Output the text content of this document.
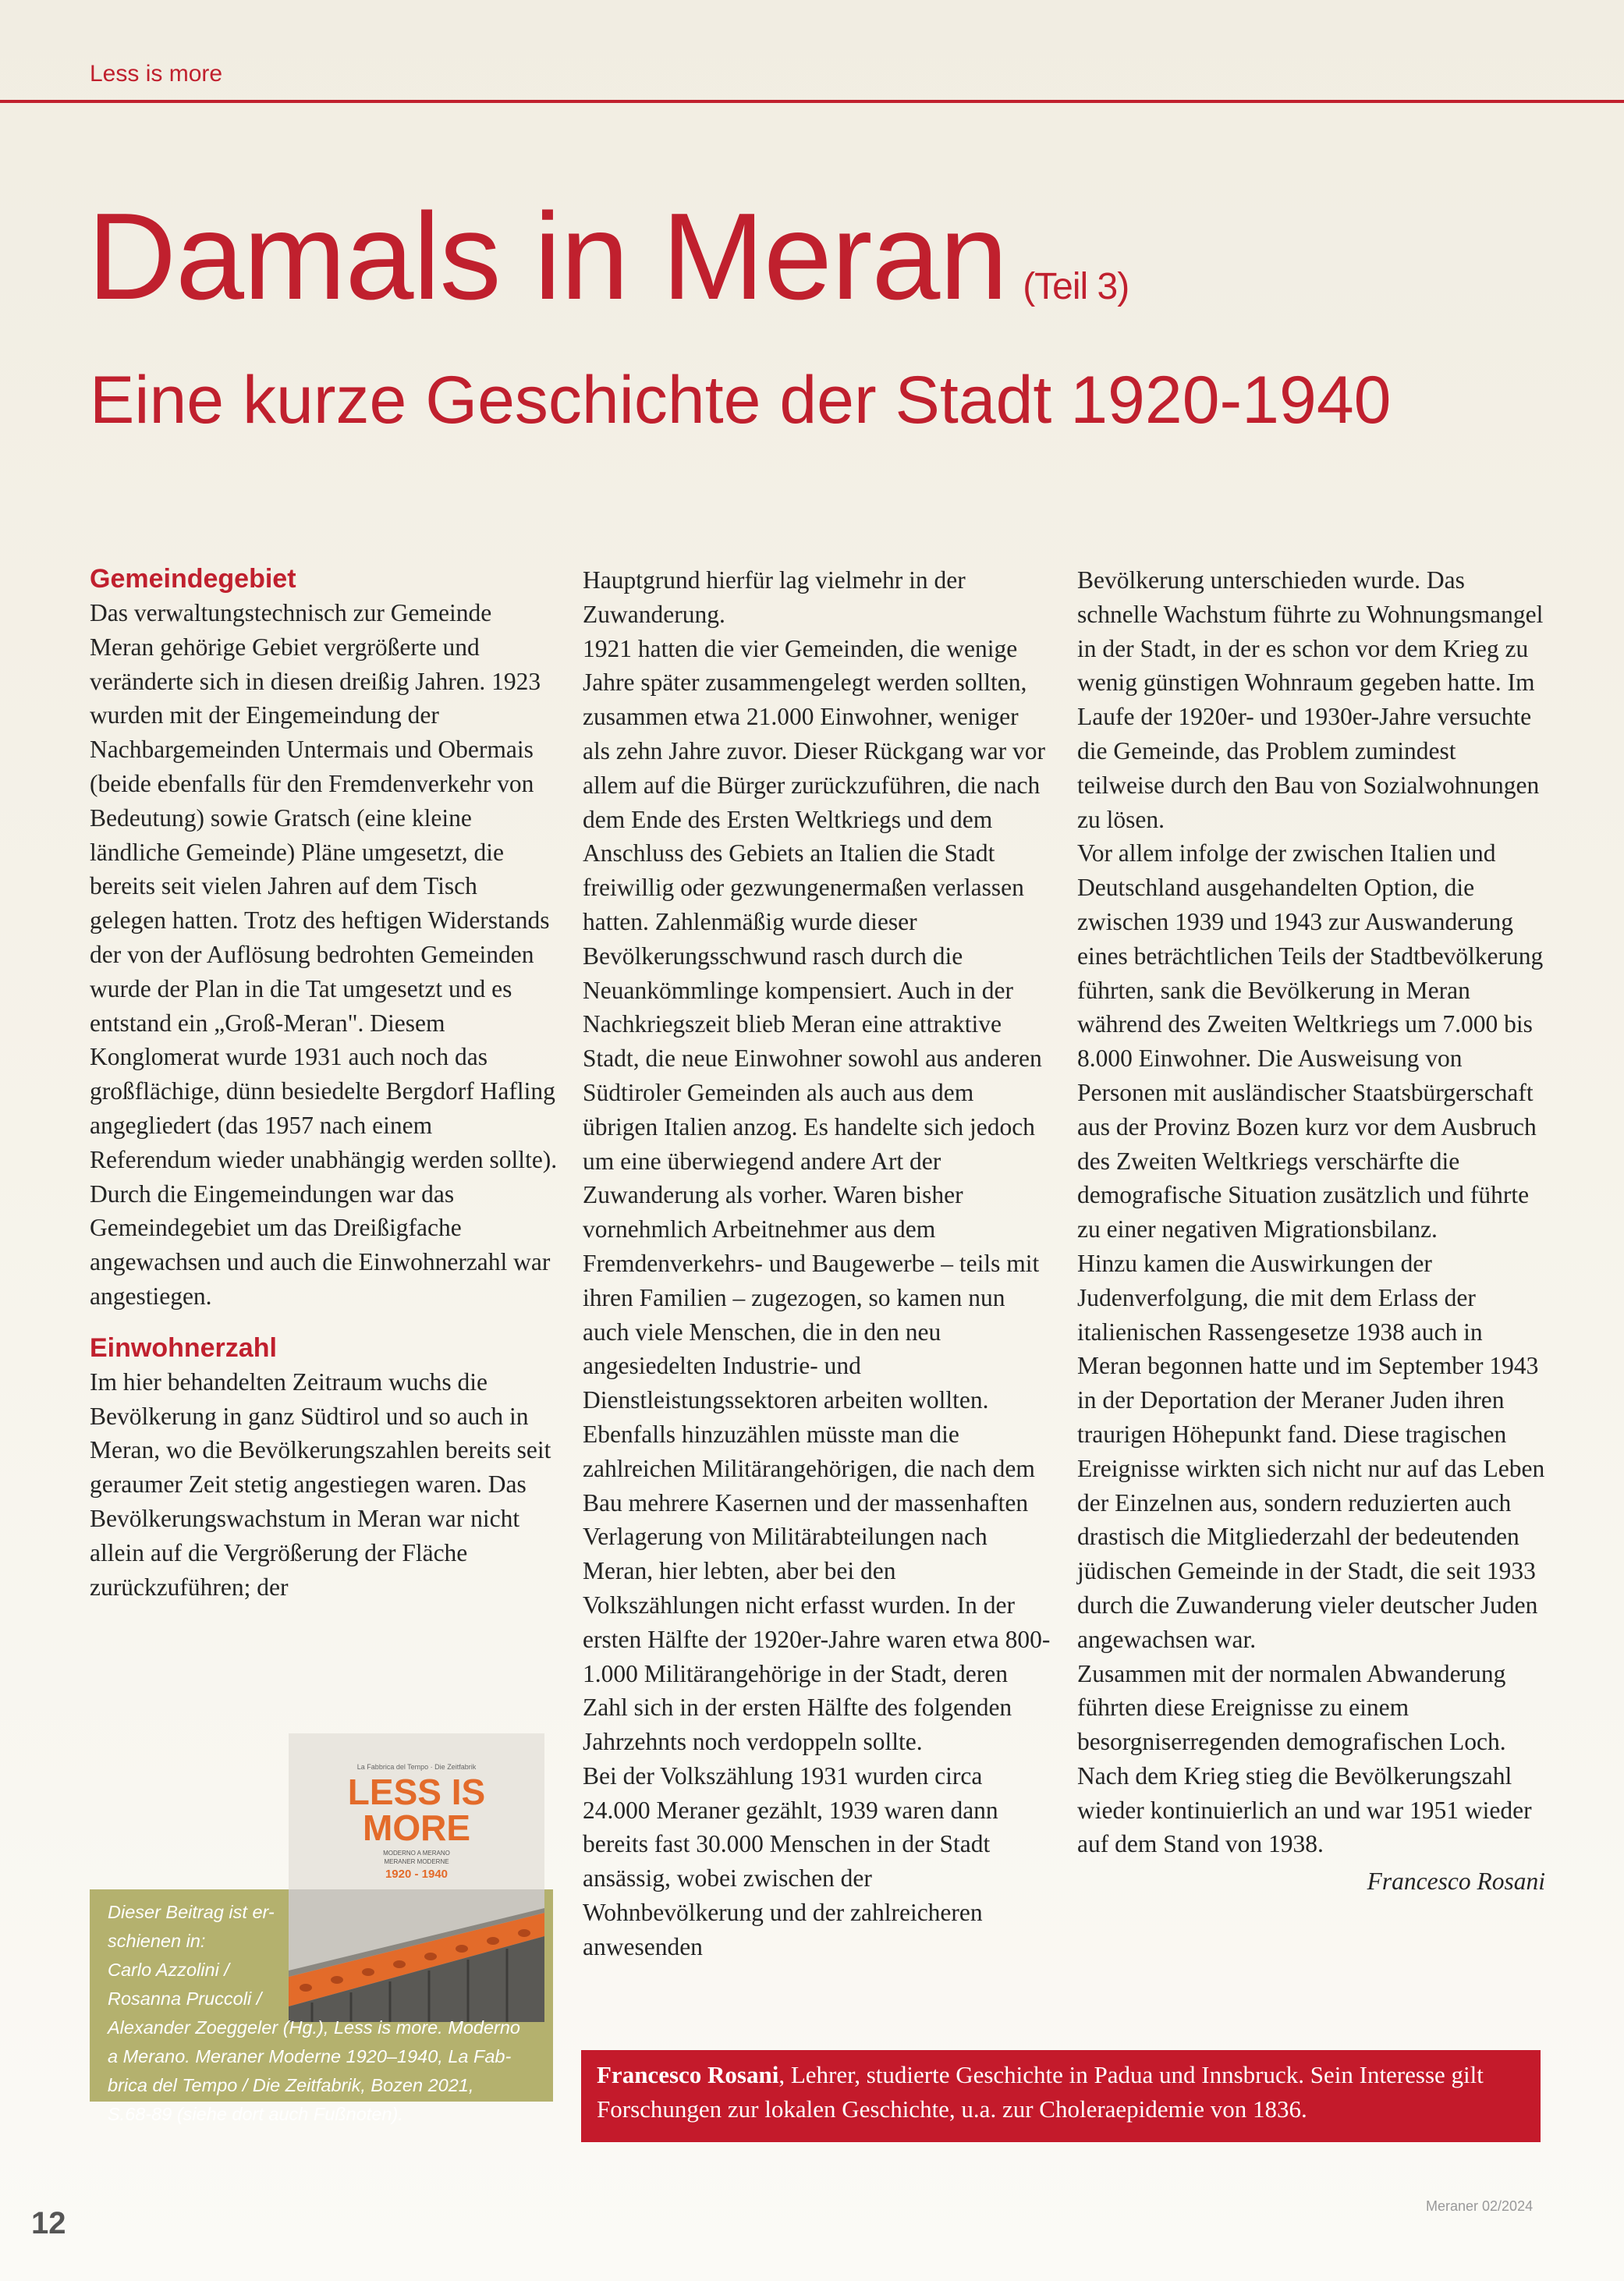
Less is more
Damals in Meran (Teil 3)
Eine kurze Geschichte der Stadt 1920-1940
Gemeindegebiet

Das verwaltungstechnisch zur Gemeinde Meran gehörige Gebiet vergrößerte und veränderte sich in diesen dreißig Jahren. 1923 wurden mit der Eingemeindung der Nachbargemeinden Untermais und Obermais (beide ebenfalls für den Fremdenverkehr von Bedeutung) sowie Gratsch (eine kleine ländliche Gemeinde) Pläne umgesetzt, die bereits seit vielen Jahren auf dem Tisch gelegen hatten. Trotz des heftigen Widerstands der von der Auflösung bedrohten Gemeinden wurde der Plan in die Tat umgesetzt und es entstand ein „Groß-Meran". Diesem Konglomerat wurde 1931 auch noch das großflächige, dünn besiedelte Bergdorf Hafling angegliedert (das 1957 nach einem Referendum wieder unabhängig werden sollte).

Durch die Eingemeindungen war das Gemeindegebiet um das Dreißigfache angewachsen und auch die Einwohnerzahl war angestiegen.

Einwohnerzahl

Im hier behandelten Zeitraum wuchs die Bevölkerung in ganz Südtirol und so auch in Meran, wo die Bevölkerungszahlen bereits seit geraumer Zeit stetig angestiegen waren. Das Bevölkerungswachstum in Meran war nicht allein auf die Vergrößerung der Fläche zurückzuführen; der

Hauptgrund hierfür lag vielmehr in der Zuwanderung.

1921 hatten die vier Gemeinden, die wenige Jahre später zusammengelegt werden sollten, zusammen etwa 21.000 Einwohner, weniger als zehn Jahre zuvor. Dieser Rückgang war vor allem auf die Bürger zurückzuführen, die nach dem Ende des Ersten Weltkriegs und dem Anschluss des Gebiets an Italien die Stadt freiwillig oder gezwungenermaßen verlassen hatten. Zahlenmäßig wurde dieser Bevölkerungsschwund rasch durch die Neuankömmlinge kompensiert. Auch in der Nachkriegszeit blieb Meran eine attraktive Stadt, die neue Einwohner sowohl aus anderen Südtiroler Gemeinden als auch aus dem übrigen Italien anzog. Es handelte sich jedoch um eine überwiegend andere Art der Zuwanderung als vorher. Waren bisher vornehmlich Arbeitnehmer aus dem Fremdenverkehrs- und Baugewerbe – teils mit ihren Familien – zugezogen, so kamen nun auch viele Menschen, die in den neu angesiedelten Industrie- und Dienstleistungssektoren arbeiten wollten.

Ebenfalls hinzuzählen müsste man die zahlreichen Militärangehörigen, die nach dem Bau mehrere Kasernen und der massenhaften Verlagerung von Militärabteilungen nach Meran, hier lebten, aber bei den Volkszählungen nicht erfasst wurden. In der ersten Hälfte der 1920er-Jahre waren etwa 800-1.000 Militärangehörige in der Stadt, deren Zahl sich in der ersten Hälfte des folgenden Jahrzehnts noch verdoppeln sollte.

Bei der Volkszählung 1931 wurden circa 24.000 Meraner gezählt, 1939 waren dann bereits fast 30.000 Menschen in der Stadt ansässig, wobei zwischen der Wohnbevölkerung und der zahlreicheren anwesenden

Bevölkerung unterschieden wurde. Das schnelle Wachstum führte zu Wohnungsmangel in der Stadt, in der es schon vor dem Krieg zu wenig günstigen Wohnraum gegeben hatte. Im Laufe der 1920er- und 1930er-Jahre versuchte die Gemeinde, das Problem zumindest teilweise durch den Bau von Sozialwohnungen zu lösen.

Vor allem infolge der zwischen Italien und Deutschland ausgehandelten Option, die zwischen 1939 und 1943 zur Auswanderung eines beträchtlichen Teils der Stadtbevölkerung führten, sank die Bevölkerung in Meran während des Zweiten Weltkriegs um 7.000 bis 8.000 Einwohner. Die Ausweisung von Personen mit ausländischer Staatsbürgerschaft aus der Provinz Bozen kurz vor dem Ausbruch des Zweiten Weltkriegs verschärfte die demografische Situation zusätzlich und führte zu einer negativen Migrationsbilanz.

Hinzu kamen die Auswirkungen der Judenverfolgung, die mit dem Erlass der italienischen Rassengesetze 1938 auch in Meran begonnen hatte und im September 1943 in der Deportation der Meraner Juden ihren traurigen Höhepunkt fand. Diese tragischen Ereignisse wirkten sich nicht nur auf das Leben der Einzelnen aus, sondern reduzierten auch drastisch die Mitgliederzahl der bedeutenden jüdischen Gemeinde in der Stadt, die seit 1933 durch die Zuwanderung vieler deutscher Juden angewachsen war.

Zusammen mit der normalen Abwanderung führten diese Ereignisse zu einem besorgniserregenden demografischen Loch. Nach dem Krieg stieg die Bevölkerungszahl wieder kontinuierlich an und war 1951 wieder auf dem Stand von 1938.

Francesco Rosani

La Fabbrica del Tempo · Die Zeitfabrik
LESS IS
MORE
MODERNO A MERANO
MERANER MODERNE
1920 - 1940
Dieser Beitrag ist er-
schienen in:
Carlo Azzolini /
Rosanna Pruccoli /
Alexander Zoeggeler (Hg.), Less is more. Moderno
a Merano. Meraner Moderne 1920–1940, La Fab-
brica del Tempo / Die Zeitfabrik, Bozen 2021,
S.68-89 (siehe dort auch Fußnoten).
Francesco Rosani, Lehrer, studierte Geschichte in Padua und Innsbruck. Sein Interesse gilt Forschungen zur lokalen Geschichte, u.a. zur Choleraepidemie von 1836.
12	Meraner 02/2024
